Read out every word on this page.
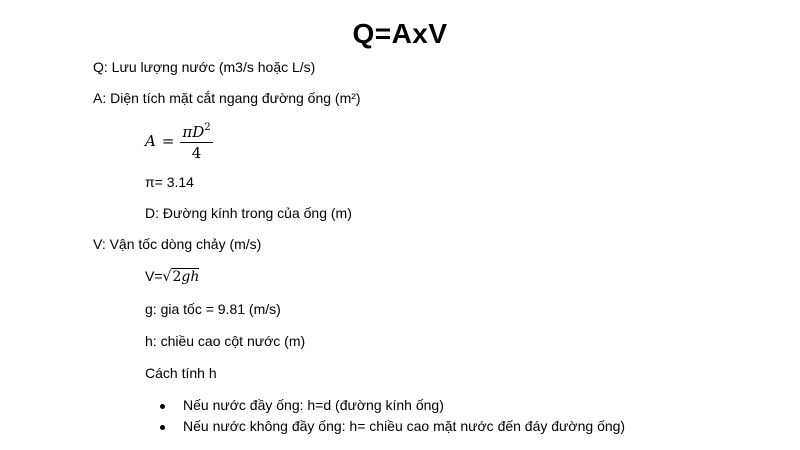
Q=AxV
Q: Lưu lượng nước (m3/s hoặc L/s)
A: Diện tích mặt cắt ngang đường ống (m²)
$A = \frac{\pi D^2}{4}$
π= 3.14
D: Đường kính trong của ống (m)
V: Vận tốc dòng chảy (m/s)
V=√2gh
g: gia tốc = 9.81 (m/s)
h: chiều cao cột nước (m)
Cách tính h
Nếu nước đầy ống: h=d (đường kính ống)
Nếu nước không đầy ống: h= chiều cao mặt nước đến đáy đường ống)
